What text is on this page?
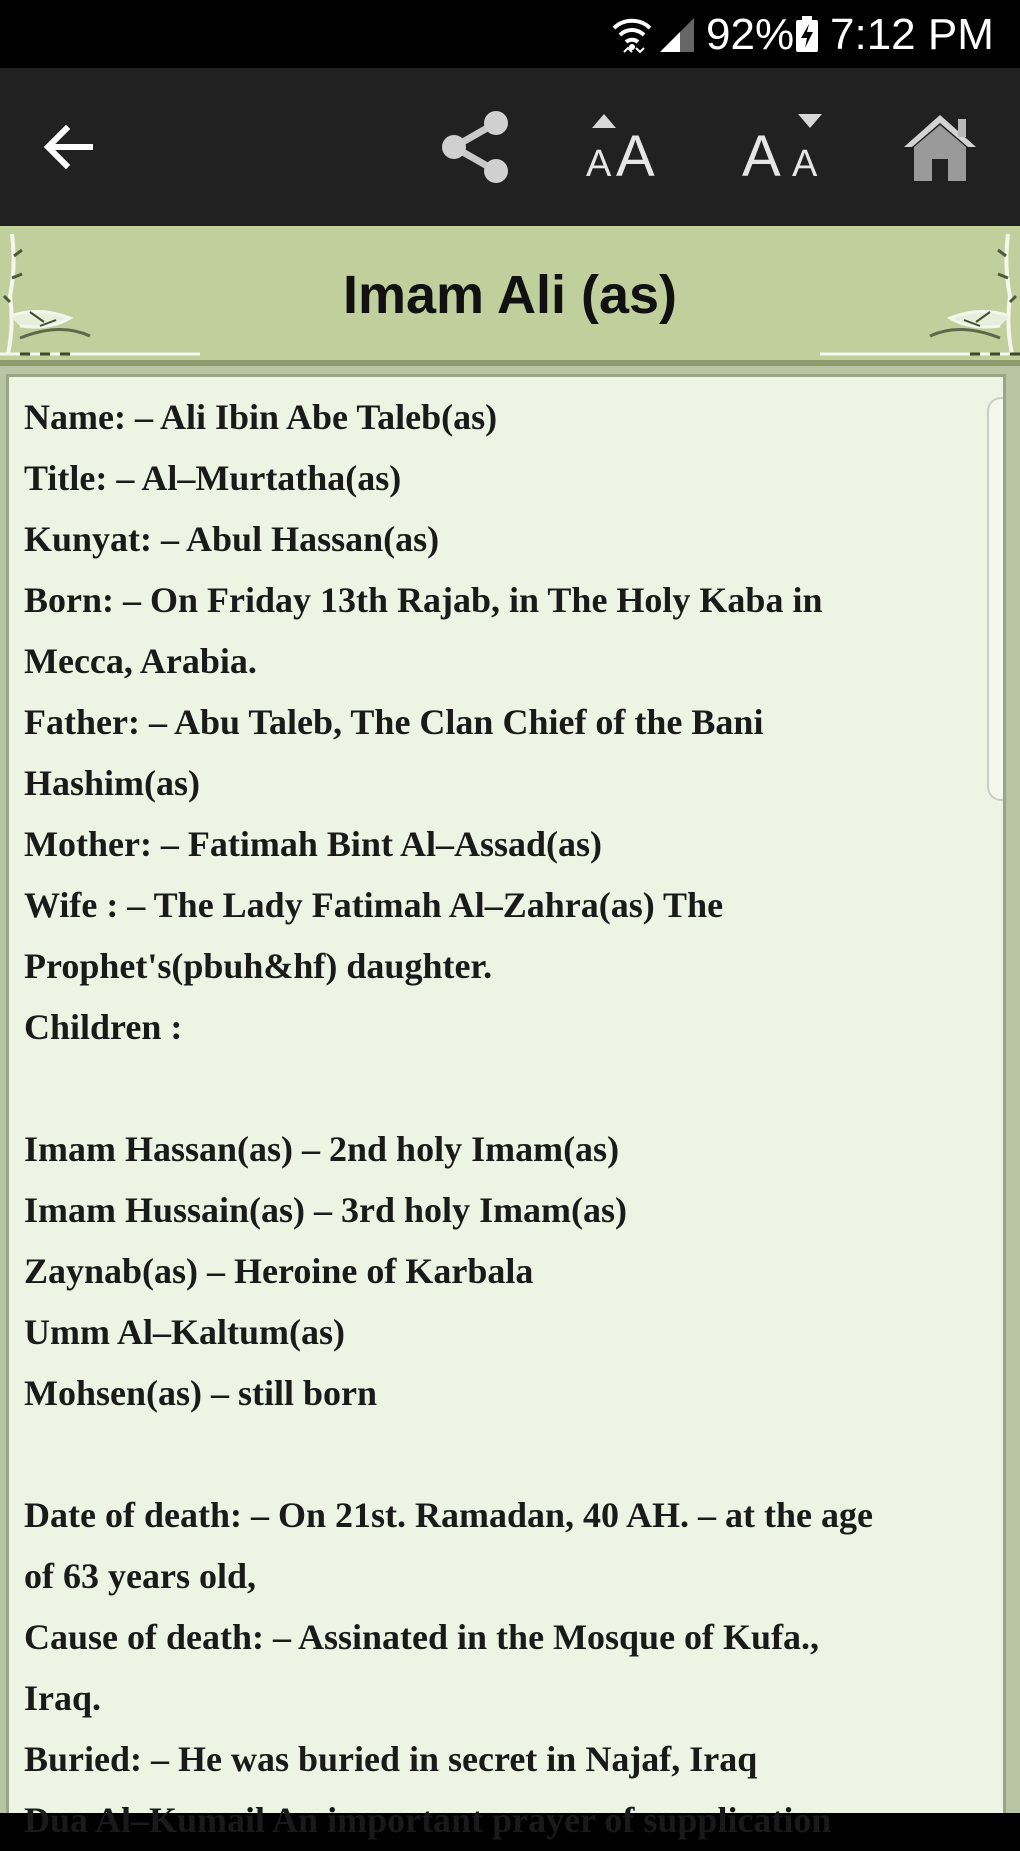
92% 7:12 PM
A A A A
Imam Ali (as)
Name: – Ali Ibin Abe Taleb(as)
Title: – Al–Murtatha(as)
Kunyat: – Abul Hassan(as)
Born: – On Friday 13th Rajab, in The Holy Kaba in
Mecca, Arabia.
Father: – Abu Taleb, The Clan Chief of the Bani
Hashim(as)
Mother: – Fatimah Bint Al–Assad(as)
Wife : – The Lady Fatimah Al–Zahra(as) The
Prophet's(pbuh&hf) daughter.
Children :
Imam Hassan(as) – 2nd holy Imam(as)
Imam Hussain(as) – 3rd holy Imam(as)
Zaynab(as) – Heroine of Karbala
Umm Al–Kaltum(as)
Mohsen(as) – still born
Date of death: – On 21st. Ramadan, 40 AH. – at the age
of 63 years old,
Cause of death: – Assinated in the Mosque of Kufa.,
Iraq.
Buried: – He was buried in secret in Najaf, Iraq
Dua Al–Kumail An important prayer of supplication
